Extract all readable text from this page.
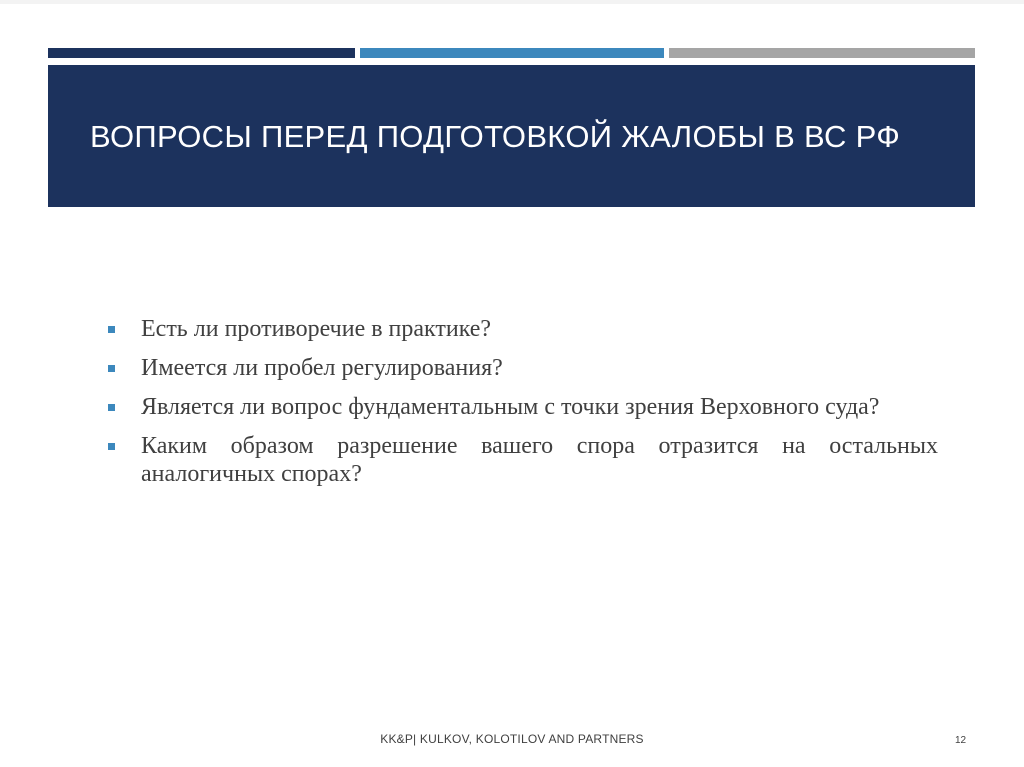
ВОПРОСЫ ПЕРЕД ПОДГОТОВКОЙ ЖАЛОБЫ В ВС РФ
Есть ли противоречие в практике?
Имеется ли пробел регулирования?
Является ли вопрос фундаментальным с точки зрения Верховного суда?
Каким образом разрешение вашего спора отразится на остальных аналогичных спорах?
KK&P| KULKOV, KOLOTILOV AND PARTNERS	12
